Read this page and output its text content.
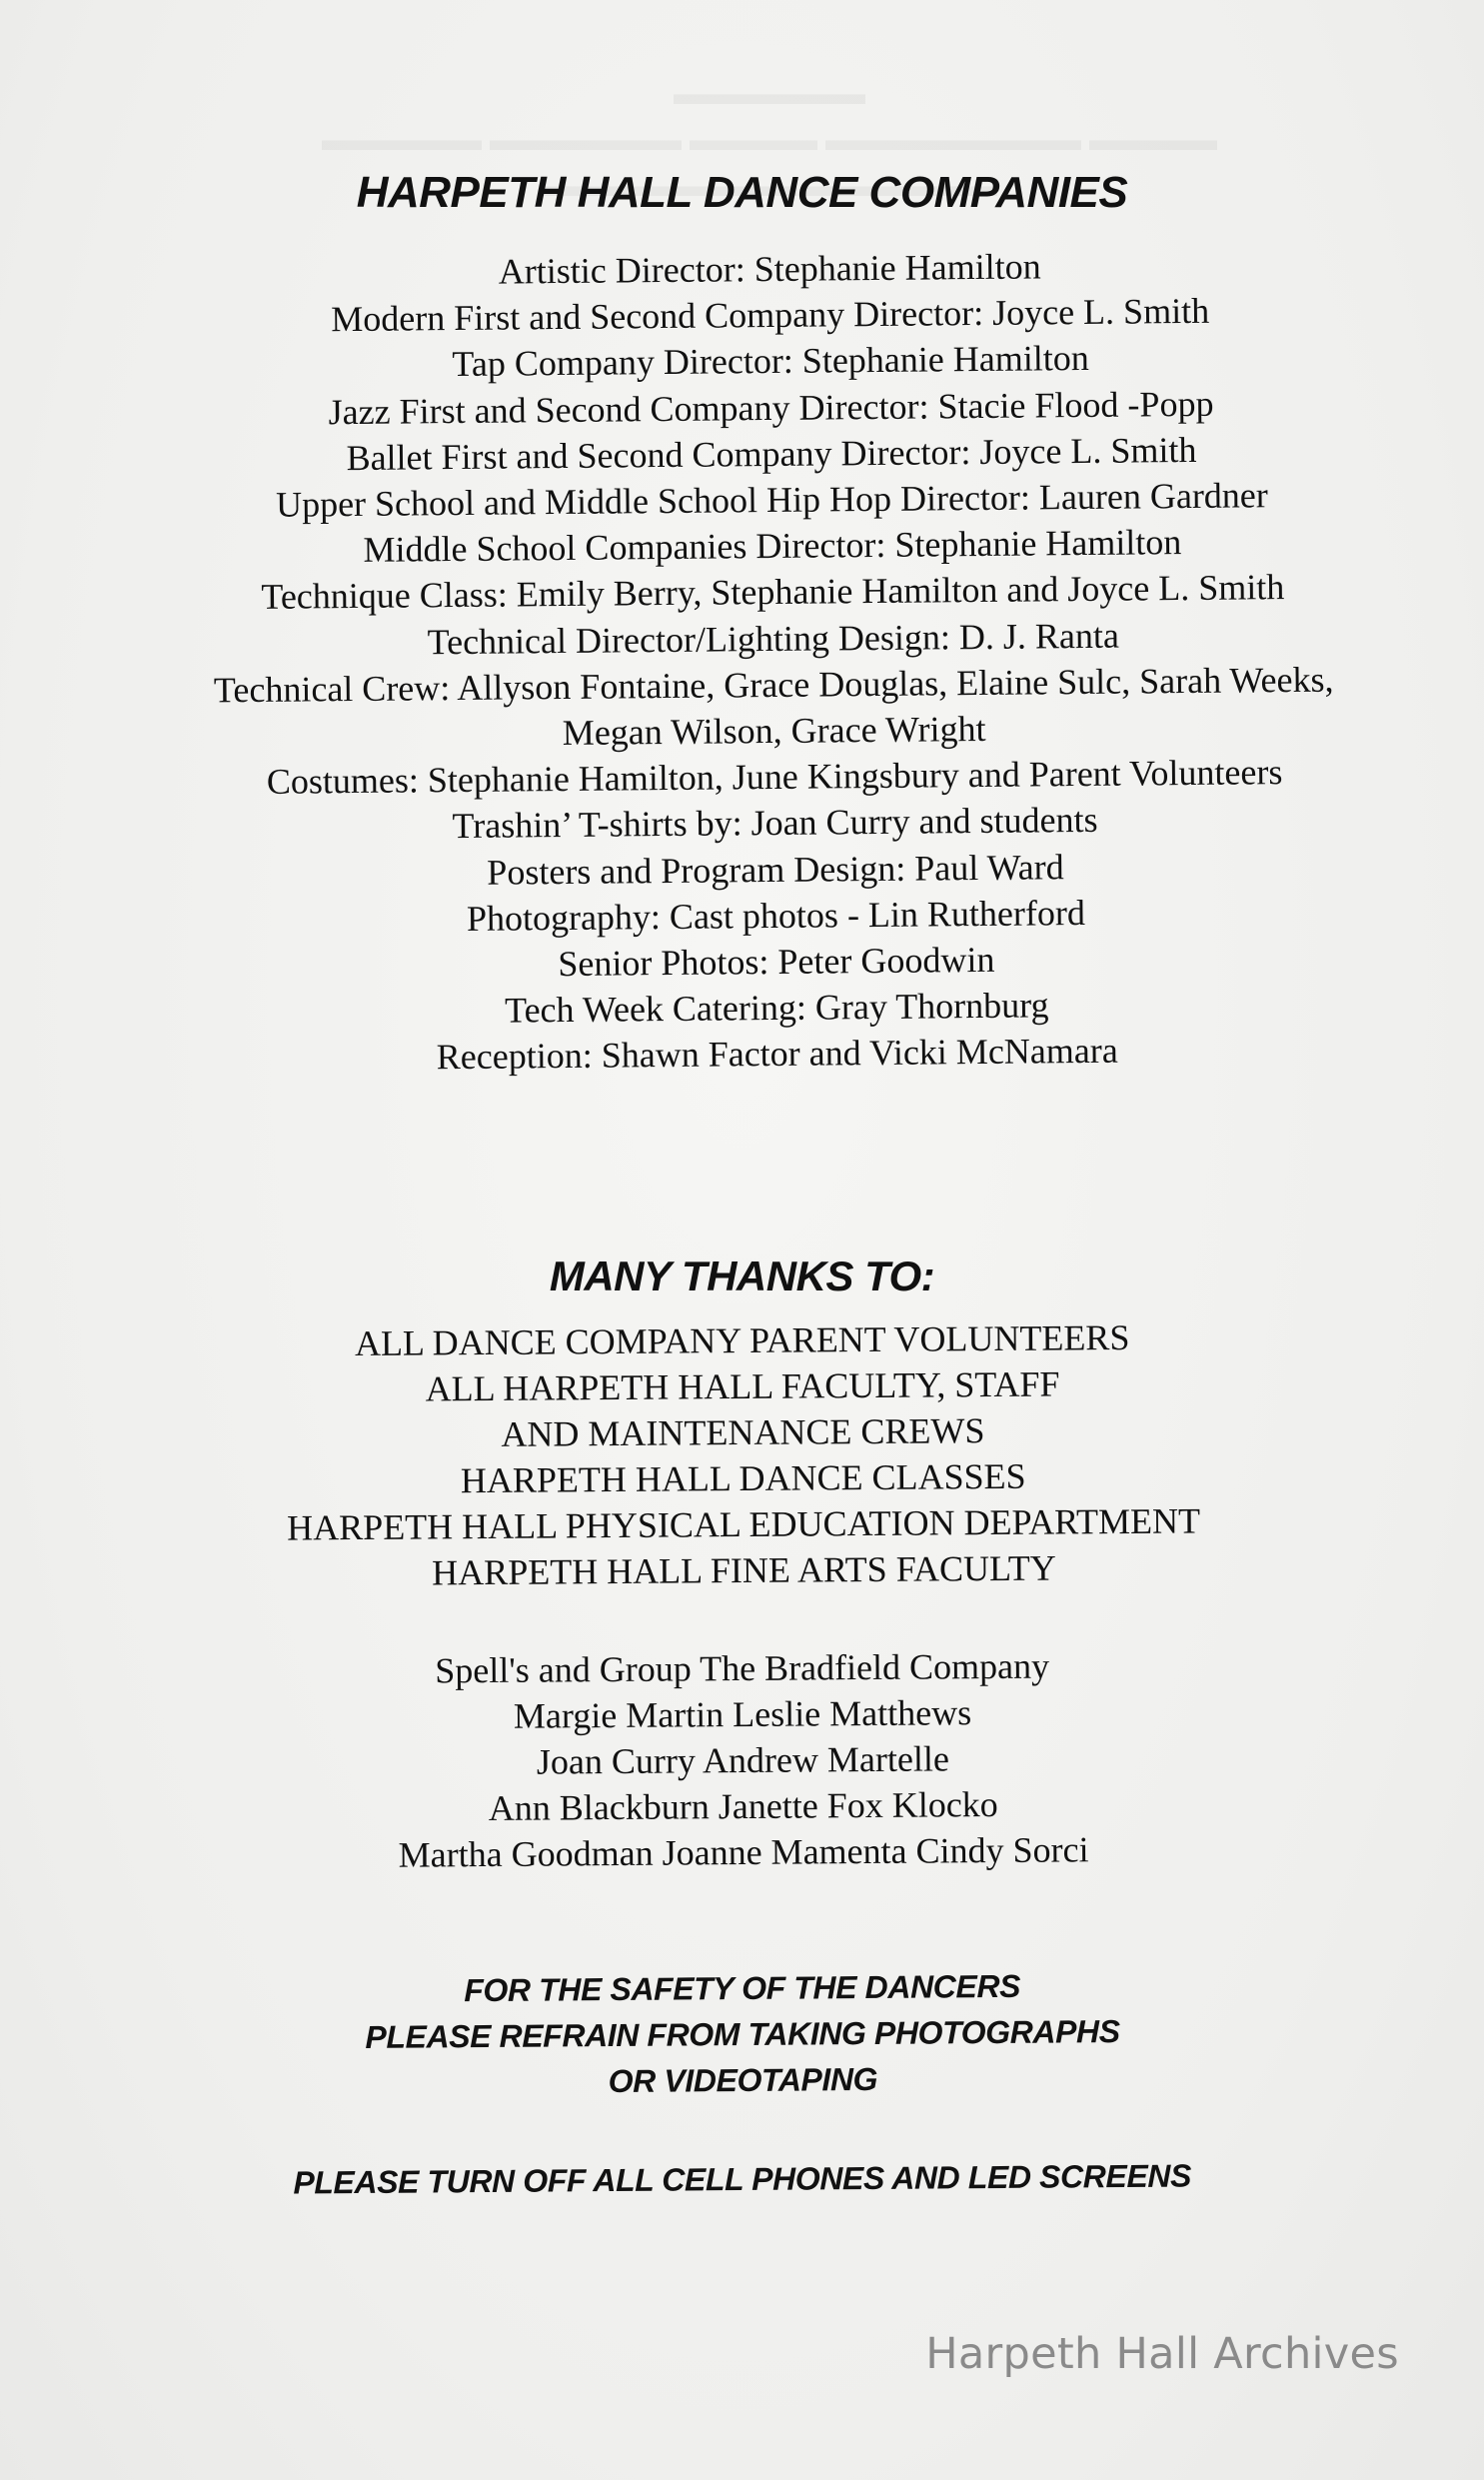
HARPETH HALL DANCE COMPANIES
Artistic Director: Stephanie Hamilton
Modern First and Second Company Director: Joyce L. Smith
Tap Company Director: Stephanie Hamilton
Jazz First and Second Company Director: Stacie Flood -Popp
Ballet First and Second Company Director: Joyce L. Smith
Upper School and Middle School Hip Hop Director: Lauren Gardner
Middle School Companies Director: Stephanie Hamilton
Technique Class: Emily Berry, Stephanie Hamilton and Joyce L. Smith
Technical Director/Lighting Design: D. J. Ranta
Technical Crew: Allyson Fontaine, Grace Douglas, Elaine Sulc, Sarah Weeks,
Megan Wilson, Grace Wright
Costumes: Stephanie Hamilton, June Kingsbury and Parent Volunteers
Trashin’ T-shirts by: Joan Curry and students
Posters and Program Design: Paul Ward
Photography: Cast photos - Lin Rutherford
Senior Photos: Peter Goodwin
Tech Week Catering: Gray Thornburg
Reception: Shawn Factor and Vicki McNamara
MANY THANKS TO:
ALL DANCE COMPANY PARENT VOLUNTEERS
ALL HARPETH HALL FACULTY, STAFF
AND MAINTENANCE CREWS
HARPETH HALL DANCE CLASSES
HARPETH HALL PHYSICAL EDUCATION DEPARTMENT
HARPETH HALL FINE ARTS FACULTY
Spell's and Group The Bradfield Company
Margie Martin Leslie Matthews
Joan Curry Andrew Martelle
Ann Blackburn Janette Fox Klocko
Martha Goodman Joanne Mamenta Cindy Sorci
FOR THE SAFETY OF THE DANCERS
PLEASE REFRAIN FROM TAKING PHOTOGRAPHS
OR VIDEOTAPING
PLEASE TURN OFF ALL CELL PHONES AND LED SCREENS
Harpeth Hall Archives
